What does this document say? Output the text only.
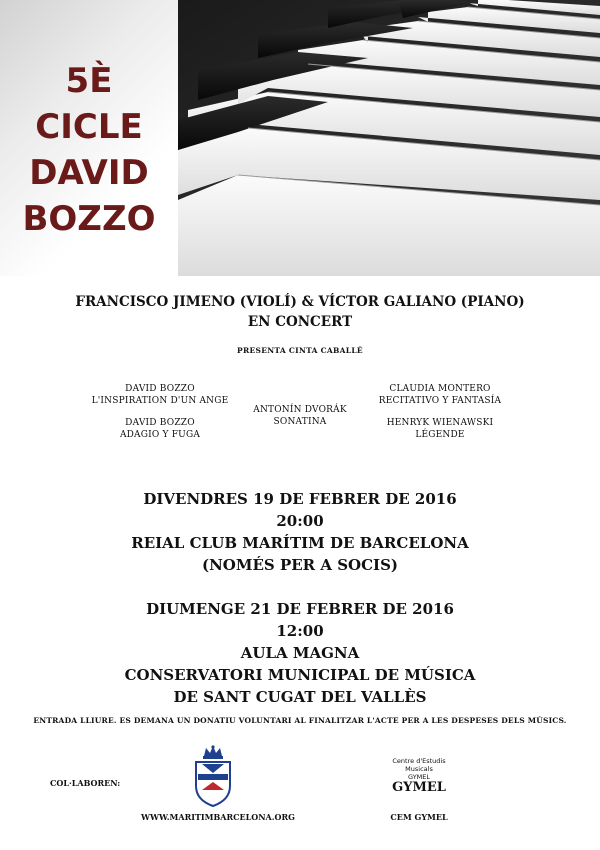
5È
CICLE
DAVID
BOZZO
FRANCISCO JIMENO (VIOLÍ) & VÍCTOR GALIANO (PIANO)
EN CONCERT
PRESENTA CINTA CABALLÉ
DAVID BOZZO
L'INSPIRATION D'UN ANGE
DAVID BOZZO
ADAGIO Y FUGA
ANTONÍN DVORÁK
SONATINA
CLAUDIA MONTERO
RECITATIVO Y FANTASÍA
HENRYK WIENAWSKI
LÉGENDE
DIVENDRES 19 DE FEBRER DE 2016
20:00
REIAL CLUB MARÍTIM DE BARCELONA
(NOMÉS PER A SOCIS)
DIUMENGE 21 DE FEBRER DE 2016
12:00
AULA MAGNA
CONSERVATORI MUNICIPAL DE MÚSICA
DE SANT CUGAT DEL VALLÈS
ENTRADA LLIURE. ES DEMANA UN DONATIU VOLUNTARI AL FINALITZAR L'ACTE PER A LES DESPESES DELS MÚSICS.
COL·LABOREN:
Centre d'Estudis Musicals
GYMEL
GYMEL
WWW.MARITIMBARCELONA.ORG	CEM GYMEL
